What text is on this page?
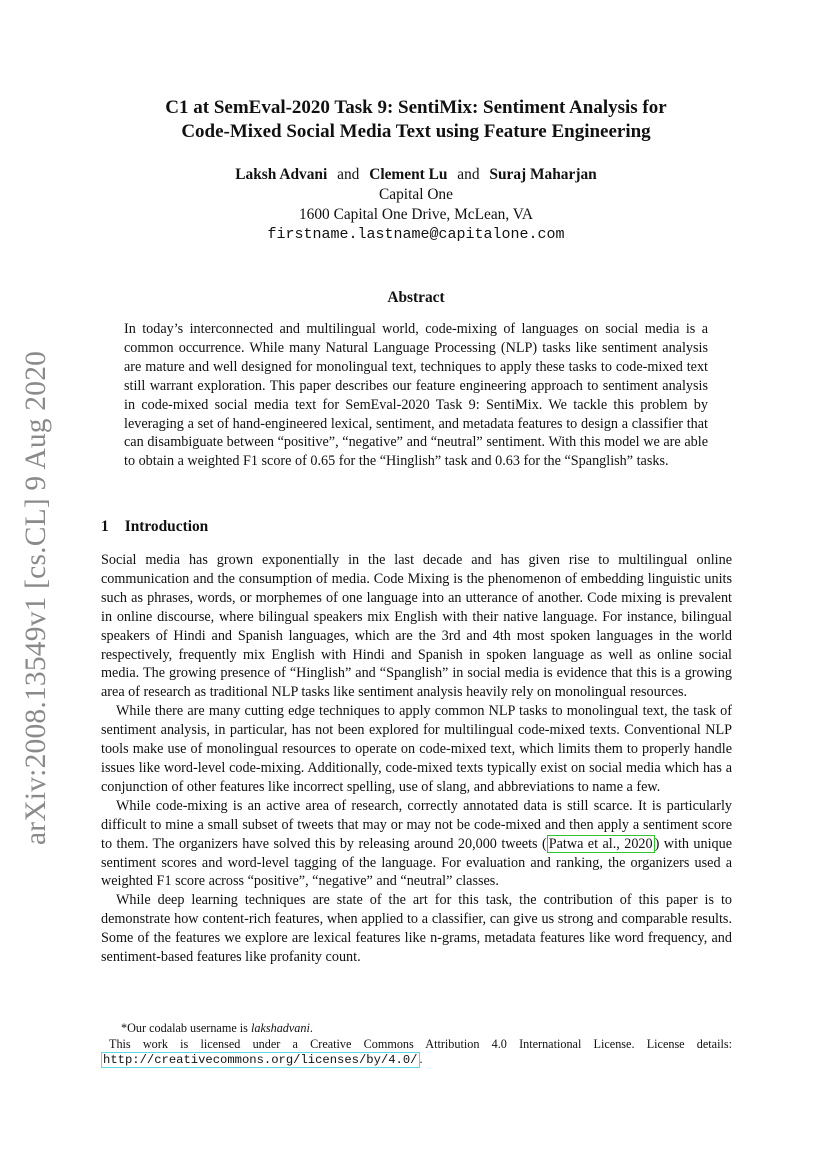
arXiv:2008.13549v1 [cs.CL] 9 Aug 2020
C1 at SemEval-2020 Task 9: SentiMix: Sentiment Analysis for
Code-Mixed Social Media Text using Feature Engineering
Laksh Advani and Clement Lu and Suraj Maharjan
Capital One
1600 Capital One Drive, McLean, VA
firstname.lastname@capitalone.com
Abstract
In today’s interconnected and multilingual world, code-mixing of languages on social media is a common occurrence. While many Natural Language Processing (NLP) tasks like sentiment analysis are mature and well designed for monolingual text, techniques to apply these tasks to code-mixed text still warrant exploration. This paper describes our feature engineering approach to sentiment analysis in code-mixed social media text for SemEval-2020 Task 9: SentiMix. We tackle this problem by leveraging a set of hand-engineered lexical, sentiment, and metadata features to design a classifier that can disambiguate between “positive”, “negative” and “neutral” sentiment. With this model we are able to obtain a weighted F1 score of 0.65 for the “Hinglish” task and 0.63 for the “Spanglish” tasks.
1 Introduction

Social media has grown exponentially in the last decade and has given rise to multilingual online communication and the consumption of media. Code Mixing is the phenomenon of embedding linguistic units such as phrases, words, or morphemes of one language into an utterance of another. Code mixing is prevalent in online discourse, where bilingual speakers mix English with their native language. For instance, bilingual speakers of Hindi and Spanish languages, which are the 3rd and 4th most spoken languages in the world respectively, frequently mix English with Hindi and Spanish in spoken language as well as online social media. The growing presence of “Hinglish” and “Spanglish” in social media is evidence that this is a growing area of research as traditional NLP tasks like sentiment analysis heavily rely on monolingual resources.

While there are many cutting edge techniques to apply common NLP tasks to monolingual text, the task of sentiment analysis, in particular, has not been explored for multilingual code-mixed texts. Conventional NLP tools make use of monolingual resources to operate on code-mixed text, which limits them to properly handle issues like word-level code-mixing. Additionally, code-mixed texts typically exist on social media which has a conjunction of other features like incorrect spelling, use of slang, and abbreviations to name a few.

While code-mixing is an active area of research, correctly annotated data is still scarce. It is particularly difficult to mine a small subset of tweets that may or may not be code-mixed and then apply a sentiment score to them. The organizers have solved this by releasing around 20,000 tweets ( Patwa et al., 2020 ) with unique sentiment scores and word-level tagging of the language. For evaluation and ranking, the organizers used a weighted F1 score across “positive”, “negative” and “neutral” classes.

While deep learning techniques are state of the art for this task, the contribution of this paper is to demonstrate how content-rich features, when applied to a classifier, can give us strong and comparable results. Some of the features we explore are lexical features like n-grams, metadata features like word frequency, and sentiment-based features like profanity count.

*Our codalab username is lakshadvani.

This work is licensed under a Creative Commons Attribution 4.0 International License. License details: http://creativecommons.org/licenses/by/4.0/ .
